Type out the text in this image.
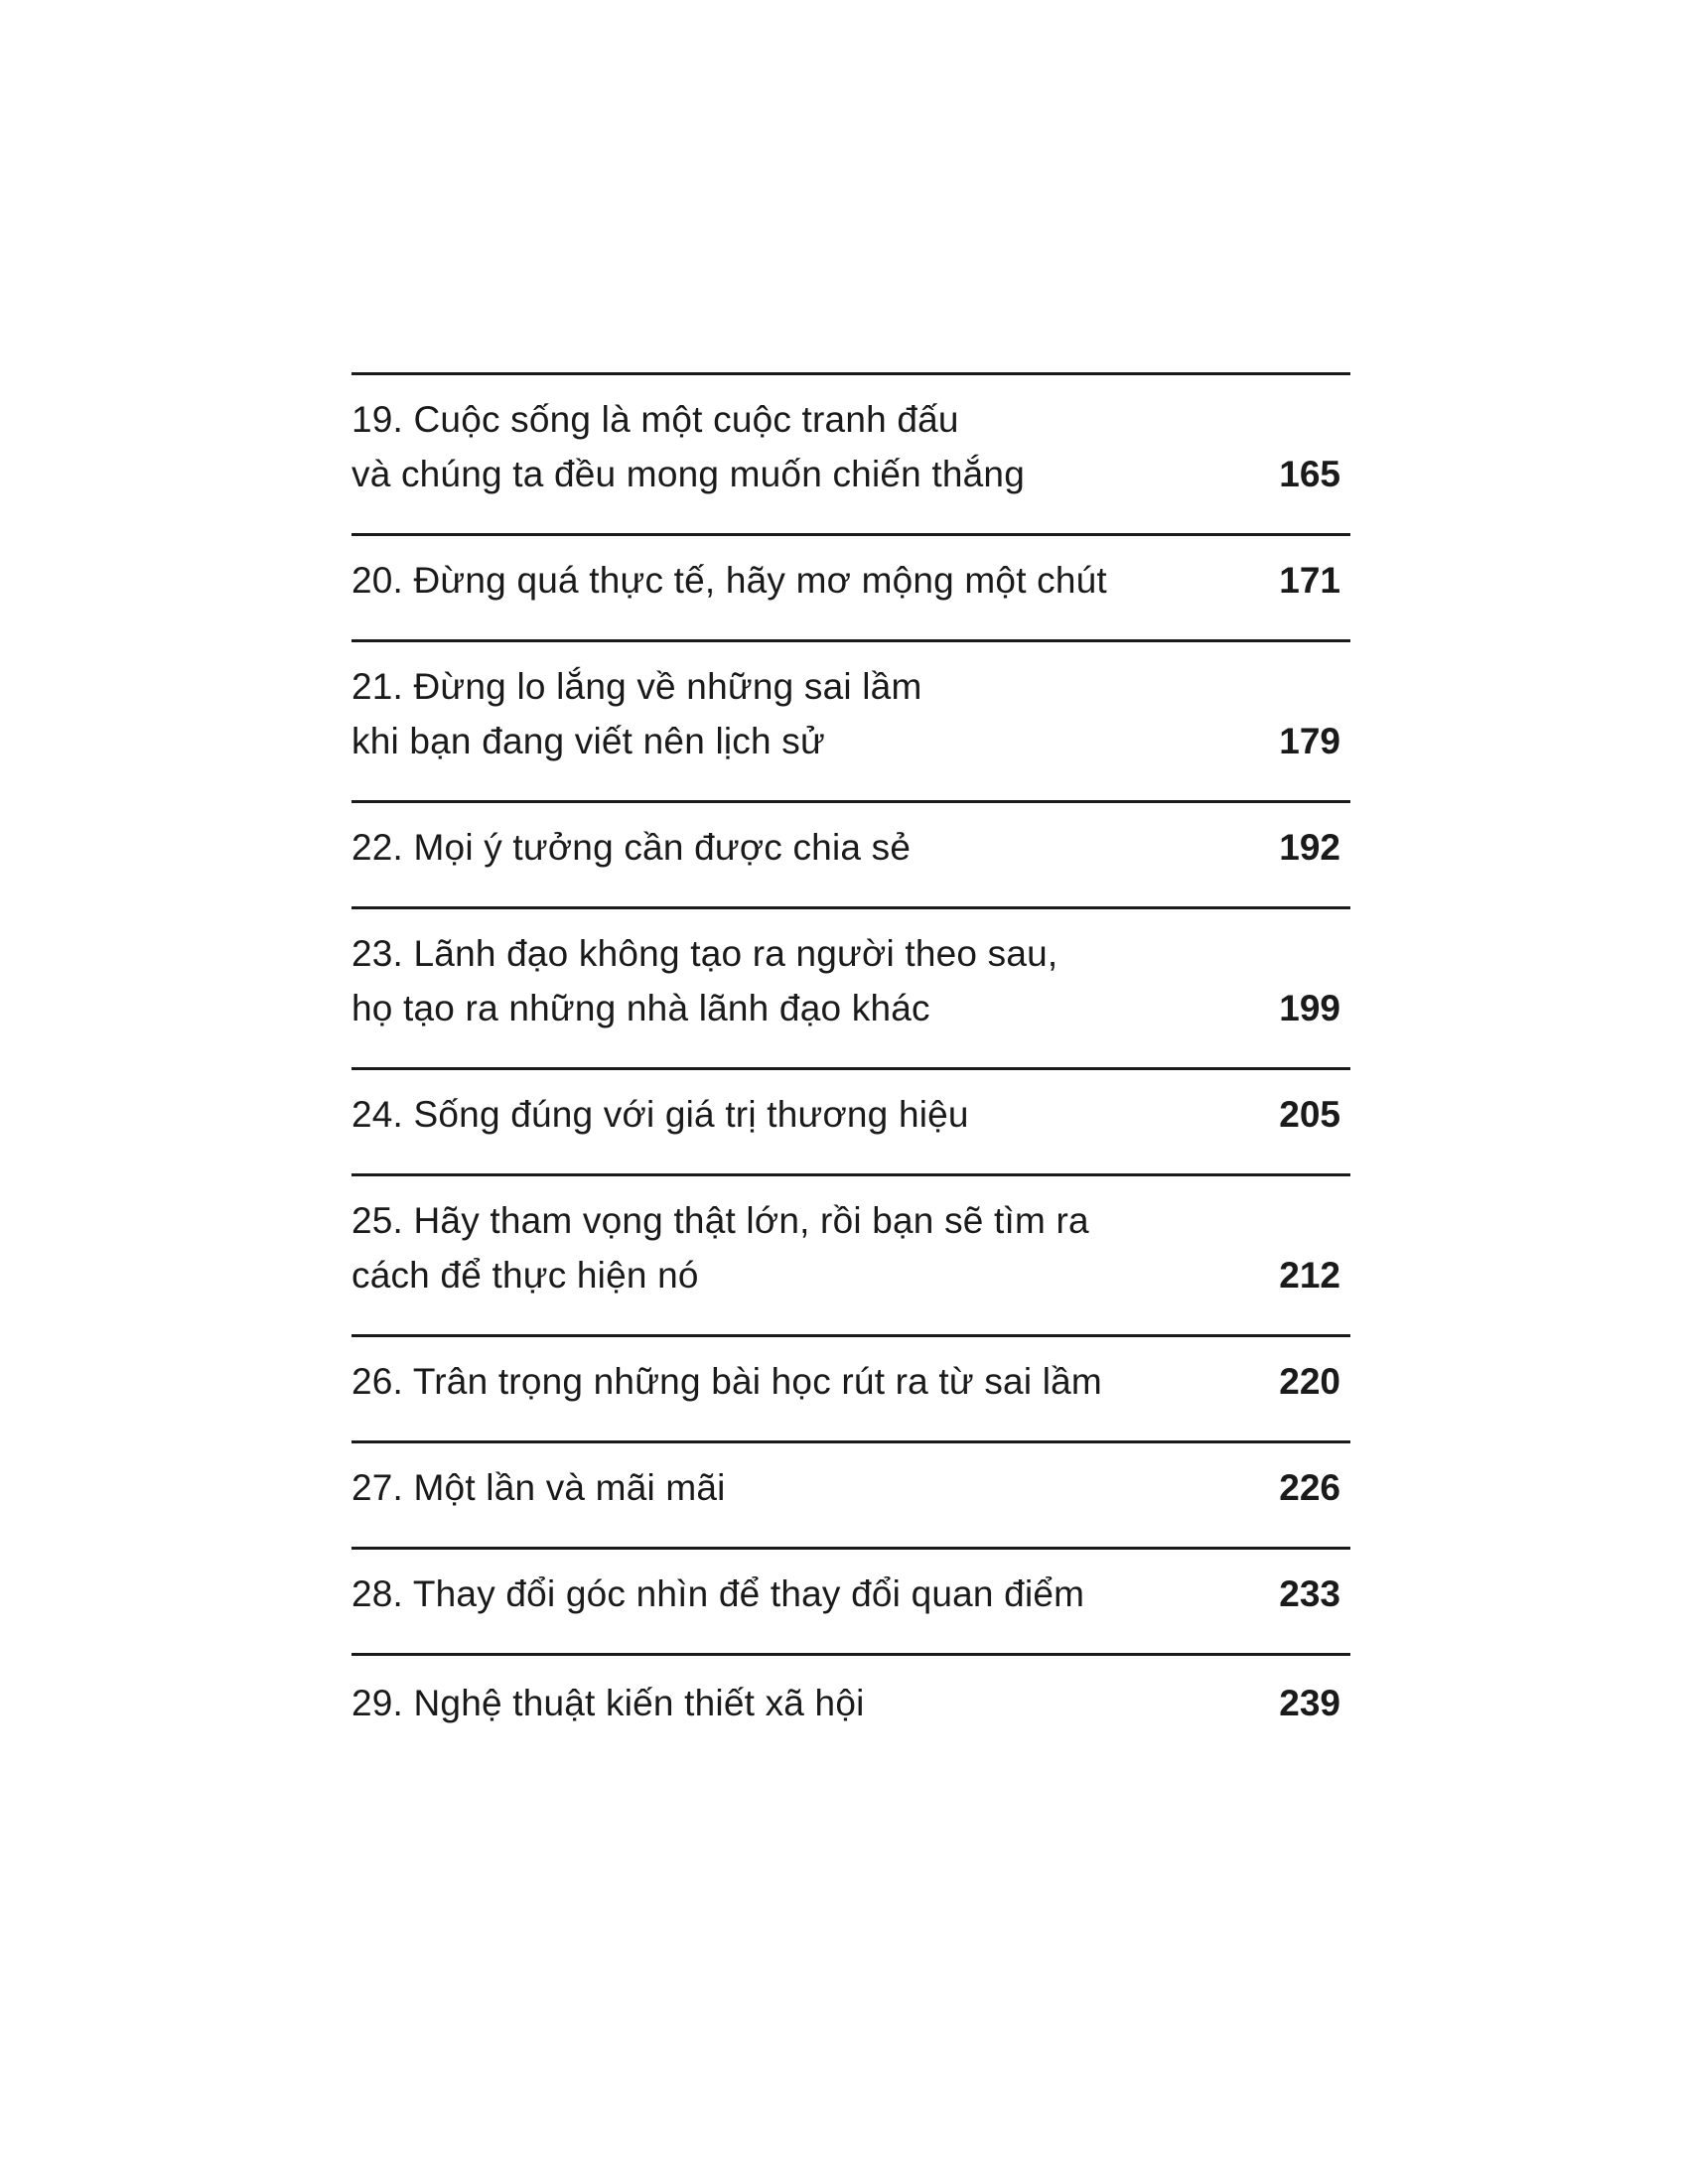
19. Cuộc sống là một cuộc tranh đấu
và chúng ta đều mong muốn chiến thắng	165
20. Đừng quá thực tế, hãy mơ mộng một chút	171
21. Đừng lo lắng về những sai lầm
khi bạn đang viết nên lịch sử	179
22. Mọi ý tưởng cần được chia sẻ	192
23. Lãnh đạo không tạo ra người theo sau,
họ tạo ra những nhà lãnh đạo khác	199
24. Sống đúng với giá trị thương hiệu	205
25. Hãy tham vọng thật lớn, rồi bạn sẽ tìm ra
cách để thực hiện nó	212
26. Trân trọng những bài học rút ra từ sai lầm	220
27. Một lần và mãi mãi	226
28. Thay đổi góc nhìn để thay đổi quan điểm	233
29. Nghệ thuật kiến thiết xã hội	239
